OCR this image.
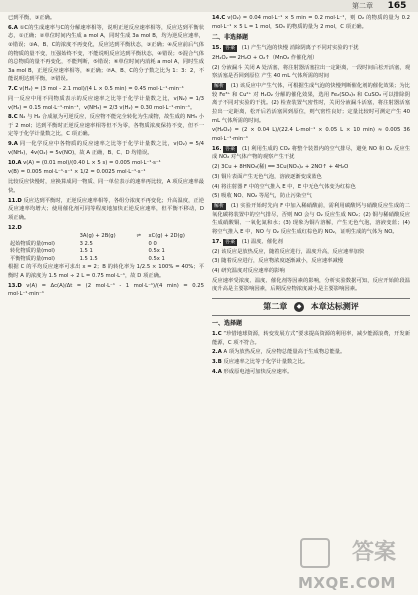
第二章	165

已到平衡，③正确。

6.A ①C的生成速率与C的分解速率相等，说明正逆反应速率相等，反应达到平衡状态，①正确；②单位时间内生成 a mol A，同时生成 3a mol B，均为逆反应速率，②错误；③A、B、C的浓度不再变化，反应达到平衡状态，③正确；④反应前后气体的物质的量不变，压强始终不变，不能说明反应达到平衡状态，④错误；⑤混合气体的总物质的量不再变化，不能判断，⑤错误；⑥单位时间内消耗 a mol A，同时生成 3a mol B，正逆反应速率相等，⑥正确；⑦A、B、C的分子数之比为 1：3：2，不能说明达到平衡，⑦错误。

7.C v(H₂) = (3 mol - 2.1 mol)/(4 L × 0.5 min) = 0.45 mol·L⁻¹·min⁻¹

同一反应中用不同物质表示的反应速率之比等于化学计量数之比，v(N₂) = 1/3 v(H₂) = 0.15 mol·L⁻¹·min⁻¹，v(NH₃) = 2/3 v(H₂) = 0.30 mol·L⁻¹·min⁻¹。

8.C N₂ 与 H₂ 合成氨为可逆反应，反应物不能完全转化为生成物，故生成的 NH₃ 小于 2 mol；达到平衡时正逆反应速率相等但不为零，各物质浓度保持不变，但不一定等于化学计量数之比，C 项正确。

9.A 同一化学反应中各物质的反应速率之比等于化学计量数之比，v(O₂) = 5/4 v(NH₃)，4v(O₂) = 5v(NO)，故 A 正确，B、C、D 均错误。

10.A v(A) = (0.01 mol)/(0.40 L × 5 s) = 0.005 mol·L⁻¹·s⁻¹

v(B) = 0.005 mol·L⁻¹·s⁻¹ × 1/2 = 0.0025 mol·L⁻¹·s⁻¹

比较反应快慢时，应换算成同一物质、同一单位表示的速率再比较，A 项反应速率最快。

11.D 反应达到平衡时，正逆反应速率相等，各组分浓度不再变化；升高温度，正逆反应速率均增大；使用催化剂可同等程度地加快正逆反应速率，但平衡不移动，D 项正确。

12.D

	3A(g) + 2B(g)	⇌	xC(g) + 2D(g)
起始物质的量(mol)	3 2.5		0 0
转化物质的量(mol)	1.5 1		0.5x 1
平衡物质的量(mol)	1.5 1.5		0.5x 1

根据 C 的平均反应速率可求出 x = 2；B 的转化率为 1/2.5 × 100% = 40%；平衡时 A 的浓度为 1.5 mol ÷ 2 L = 0.75 mol·L⁻¹，故 D 项正确。

13.D v(A) = Δc(A)/Δt = (2 mol·L⁻¹ - 1 mol·L⁻¹)/(4 min) = 0.25 mol·L⁻¹·min⁻¹

14.C v(O₂) = 0.04 mol·L⁻¹ × 5 min = 0.2 mol·L⁻¹，则 O₂ 的物质的量为 0.2 mol·L⁻¹ × 5 L = 1 mol，SO₃ 的物质的量为 2 mol，C 项正确。

二、非选择题

15. 答案 (1) 产生气泡的快慢 消除阴离子不同对实验的干扰

2H₂O₂ ══ 2H₂O + O₂↑（MnO₂ 作催化剂）

(2) 分液漏斗 关闭 A 处活塞，将注射器活塞拉出一定距离，一段时间后松开活塞，观察活塞是否回到原位 产生 40 mL 气体所需的时间

解析 (1) 该反应中产生气体，可根据生成气泡的快慢判断催化剂的催化效果；为比较 Fe³⁺ 和 Cu²⁺ 对 H₂O₂ 分解的催化效果，选用 Fe₂(SO₄)₃ 和 CuSO₄ 可以排除阴离子不同对实验的干扰。(2) 检查装置气密性时，关闭分液漏斗活塞，将注射器活塞拉出一定距离，松开后若活塞回到原位，则气密性良好；定量比较时可测定产生 40 mL 气体所需的时间。

v(H₂O₂) = (2 × 0.04 L)/(22.4 L·mol⁻¹ × 0.05 L × 10 min) ≈ 0.005 36 mol·L⁻¹·min⁻¹

16. 答案 (1) 利用生成的 CO₂ 将整个装置内的空气排尽，避免 NO 和 O₂ 反应生成 NO₂ 对气体产物的观察产生干扰

(2) 3Cu + 8HNO₃(稀) ══ 3Cu(NO₃)₂ + 2NO↑ + 4H₂O

(3) 铜片表面产生无色气泡，溶液逐渐变成蓝色

(4) 将注射器 F 中的空气推入 E 中，E 中无色气体变为红棕色

(5) 吸收 NO、NO₂ 等尾气，防止污染空气

解析 (1) 实验开始时先向 F 中加入稀硝酸前，需利用碳酸钙与硝酸反应生成的二氧化碳将装置中的空气排尽，否则 NO 会与 O₂ 反应生成 NO₂；(2) 铜与稀硝酸反应生成硝酸铜、一氧化氮和水；(3) 现象为铜片溶解，产生无色气泡，溶液变蓝；(4) 将空气推入 E 中，NO 与 O₂ 反应生成红棕色的 NO₂，证明生成的气体为 NO。

17. 答案 (1) 温度、催化剂

(2) 该反应是放热反应，随着反应进行，温度升高，反应速率加快

(3) 随着反应进行，反应物浓度逐渐减小，反应速率减慢

(4) 研究温度对反应速率的影响

反应速率受浓度、温度、催化剂等因素的影响，分析实验数据可知，反应开始阶段温度升高是主要影响因素，后期反应物浓度减小是主要影响因素。

第二章 ◆ 本章达标测评
一、选择题

1.C “珍惜地球资源，转变发展方式”要求提高资源的利用率，减少能源浪费，开发新能源，C 项不符合。

2.A A 项为放热反应，反应物总能量高于生成物总能量。

3.B 反应速率之比等于化学计量数之比。

4.A 形成原电池可加快反应速率。

答案
MXQE.COM
